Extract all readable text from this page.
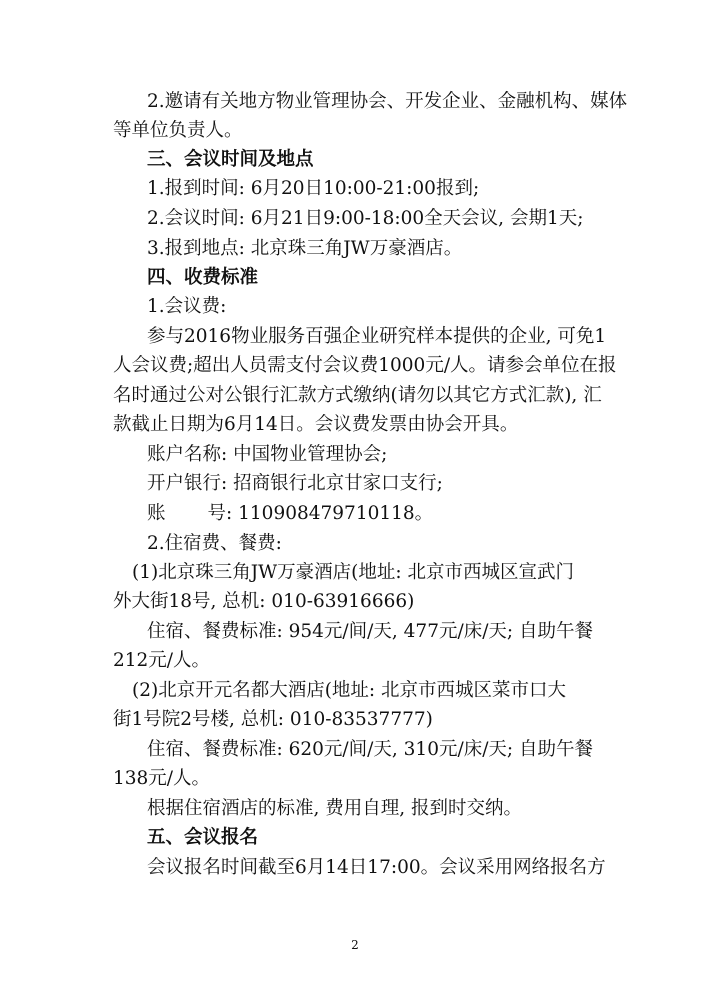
2.邀请有关地方物业管理协会、开发企业、金融机构、媒体
等单位负责人。
三、会议时间及地点
1.报到时间: 6月20日10:00-21:00报到;
2.会议时间: 6月21日9:00-18:00全天会议, 会期1天;
3.报到地点: 北京珠三角JW万豪酒店。
四、收费标准
1.会议费:
参与2016物业服务百强企业研究样本提供的企业, 可免1
人会议费;超出人员需支付会议费1000元/人。请参会单位在报
名时通过公对公银行汇款方式缴纳(请勿以其它方式汇款), 汇
款截止日期为6月14日。会议费发票由协会开具。
账户名称: 中国物业管理协会;
开户银行: 招商银行北京甘家口支行;
账 号: 110908479710118。
2.住宿费、餐费:
(1)北京珠三角JW万豪酒店(地址: 北京市西城区宣武门
外大街18号, 总机: 010-63916666)
住宿、餐费标准: 954元/间/天, 477元/床/天; 自助午餐
212元/人。
(2)北京开元名都大酒店(地址: 北京市西城区菜市口大
街1号院2号楼, 总机: 010-83537777)
住宿、餐费标准: 620元/间/天, 310元/床/天; 自助午餐
138元/人。
根据住宿酒店的标准, 费用自理, 报到时交纳。
五、会议报名
会议报名时间截至6月14日17:00。会议采用网络报名方
2
